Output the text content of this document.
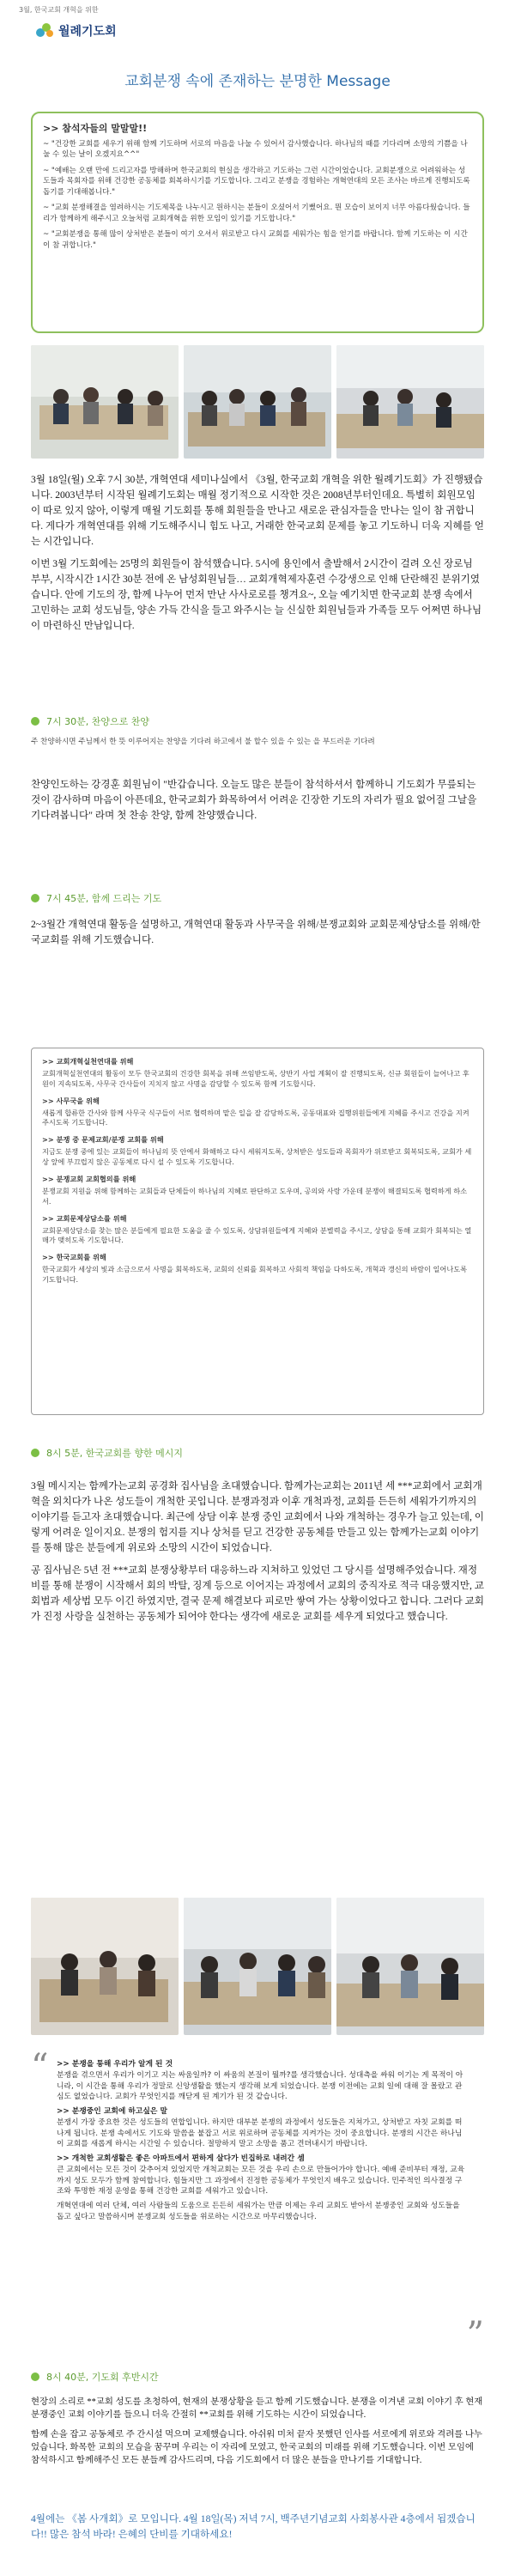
3월, 한국교회 개혁을 위한
월례기도회
교회분쟁 속에 존재하는 분명한 Message
>> 참석자들의 말말말!!

~ "건강한 교회를 세우기 위해 함께 기도하며 서로의 마음을 나눌 수 있어서 감사했습니다. 하나님의 때를 기다리며 소망의 기쁨을 나눌 수 있는 날이 오겠지요^^"

~ "예배는 오랜 만에 드리고자를 방해하며 한국교회의 현실을 생각하고 기도하는 그런 시간이었습니다. 교회분쟁으로 어려워하는 성도들과 목회자를 위해 건강한 공동체를 회복하시기를 기도합니다. 그리고 분쟁을 경험하는 개혁연대의 모든 조사는 바르게 진행되도록 돕기를 기대해봅니다."

~ "교회 분쟁해결을 염려하시는 기도제목을 나누시고 원하시는 분들이 오셨어서 기뻤어요. 뭔 모습이 보이지 너무 아름다웠습니다. 들리가 함께하게 해주시고 오늘처럼 교회개혁을 위한 모임이 있기를 기도합니다."

~ "교회분쟁을 통해 많이 상처받은 분들이 여기 오셔서 위로받고 다시 교회를 세워가는 힘을 얻기를 바랍니다. 함께 기도하는 이 시간이 참 귀합니다."

3월 18일(월) 오후 7시 30분, 개혁연대 세미나실에서 《3월, 한국교회 개혁을 위한 월례기도회》가 진행됐습니다. 2003년부터 시작된 월례기도회는 매월 정기적으로 시작한 것은 2008년부터인데요. 특별히 회원모임이 따로 있지 않아, 이렇게 매월 기도회를 통해 회원들을 만나고 새로운 관심자들을 만나는 일이 참 귀합니다. 게다가 개혁연대를 위해 기도해주시니 힘도 나고, 거래한 한국교회 문제를 놓고 기도하니 더욱 지혜를 얻는 시간입니다.

이번 3월 기도회에는 25명의 회원들이 참석했습니다. 5시에 용인에서 출발해서 2시간이 걸려 오신 장로님 부부, 시작시간 1시간 30분 전에 온 남성회원님들… 교회개혁제자훈련 수강생으로 인해 단란해진 분위기였습니다. 안에 기도의 장, 함께 나누어 먼저 만난 사사로로를 챙겨요~, 오늘 예기치면 한국교회 분쟁 속에서 고민하는 교회 성도님들, 양손 가득 간식을 들고 와주시는 늘 신실한 회원님들과 가족들 모두 어쩌면 하나님이 마련하신 만남입니다.

7시 30분, 찬양으로 찬양
주 찬양하시면 주님께서 한 뜻 이루어지는 찬양을 기다려 하고에서 불 할수 있을 수 있는 을 부드러운 기다려

찬양인도하는 강경훈 회원님이 "반갑습니다. 오늘도 많은 분들이 참석하셔서 함께하니 기도회가 무릎되는 것이 감사하며 마음이 아픈데요, 한국교회가 화목하여서 어려운 긴장한 기도의 자리가 필요 없어질 그날을 기다려봅니다" 라며 첫 찬송 찬양, 함께 찬양했습니다.

7시 45분, 함께 드리는 기도

2~3월간 개혁연대 활동을 설명하고, 개혁연대 활동과 사무국을 위해/분쟁교회와 교회문제상담소를 위해/한국교회를 위해 기도했습니다.

>> 교회개혁실천연대를 위해
교회개혁실천연대의 활동이 모두 한국교회의 건강한 회복을 위해 쓰임받도록, 상반기 사업 계획이 잘 진행되도록, 신규 회원들이 늘어나고 후원이 지속되도록, 사무국 간사들이 지치지 않고 사명을 감당할 수 있도록 함께 기도합시다.
>> 사무국을 위해
새롭게 합류한 간사와 함께 사무국 식구들이 서로 협력하며 맡은 일을 잘 감당하도록, 공동대표와 집행위원들에게 지혜를 주시고 건강을 지켜주시도록 기도합니다.
>> 분쟁 중 문제교회/분쟁 교회를 위해
지금도 분쟁 중에 있는 교회들이 하나님의 뜻 안에서 화해하고 다시 세워지도록, 상처받은 성도들과 목회자가 위로받고 회복되도록, 교회가 세상 앞에 부끄럽지 않은 공동체로 다시 설 수 있도록 기도합니다.
>> 분쟁교회 교회협의를 위해
분쟁교회 지원을 위해 함께하는 교회들과 단체들이 하나님의 지혜로 판단하고 도우며, 공의와 사랑 가운데 분쟁이 해결되도록 협력하게 하소서.
>> 교회문제상담소를 위해
교회문제상담소를 찾는 많은 분들에게 필요한 도움을 줄 수 있도록, 상담위원들에게 지혜와 분별력을 주시고, 상담을 통해 교회가 회복되는 열매가 맺히도록 기도합니다.
>> 한국교회를 위해
한국교회가 세상의 빛과 소금으로서 사명을 회복하도록, 교회의 신뢰를 회복하고 사회적 책임을 다하도록, 개혁과 갱신의 바람이 일어나도록 기도합니다.
8시 5분, 한국교회를 향한 메시지

3월 메시지는 함께가는교회 공경화 집사님을 초대했습니다. 함께가는교회는 2011년 세 ***교회에서 교회개혁을 외치다가 나온 성도들이 개척한 곳입니다. 분쟁과정과 이후 개척과정, 교회를 든든히 세워가기까지의 이야기를 듣고자 초대했습니다. 최근에 상담 이후 분쟁 중인 교회에서 나와 개척하는 경우가 늘고 있는데, 이렇게 어려운 일이지요. 분쟁의 험지를 지나 상처를 딛고 건강한 공동체를 만들고 있는 함께가는교회 이야기를 통해 많은 분들에게 위로와 소망의 시간이 되었습니다.

공 집사님은 5년 전 ***교회 분쟁상황부터 대응하느라 지쳐하고 있었던 그 당시를 설명해주었습니다. 재정비를 통해 분쟁이 시작해서 회의 박탈, 징계 등으로 이어지는 과정에서 교회의 중직자로 적극 대응했지만, 교회법과 세상법 모두 이긴 하였지만, 결국 문제 해결보다 피로만 쌓여 가는 상황이었다고 합니다. 그러다 교회가 진정 사랑을 실천하는 공동체가 되어야 한다는 생각에 새로운 교회를 세우게 되었다고 했습니다.

“ >> 분쟁을 통해 우리가 알게 된 것

분쟁을 겪으면서 우리가 이기고 지는 싸움일까? 이 싸움의 본질이 뭘까?를 생각했습니다. 성대측을 싸워 이기는 게 목적이 아니라, 이 시간을 통해 우리가 정말로 신앙생활을 했는지 생각해 보게 되었습니다. 분쟁 이전에는 교회 일에 대해 잘 몰랐고 관심도 없었습니다. 교회가 무엇인지를 깨닫게 된 계기가 된 것 같습니다.

>> 분쟁중인 교회에 하고싶은 말

분쟁시 가장 중요한 것은 성도들의 연합입니다. 하지만 대부분 분쟁의 과정에서 성도들은 지쳐가고, 상처받고 자칫 교회를 떠나게 됩니다. 분쟁 속에서도 기도와 말씀을 붙잡고 서로 위로하며 공동체를 지켜가는 것이 중요합니다. 분쟁의 시간은 하나님이 교회를 새롭게 하시는 시간일 수 있습니다. 절망하지 말고 소망을 품고 견뎌내시기 바랍니다.

>> 개척한 교회생활은 좋은 아파트에서 편하게 살다가 빈집하로 내려간 셈

큰 교회에서는 모든 것이 갖추어져 있었지만 개척교회는 모든 것을 우리 손으로 만들어가야 합니다. 예배 준비부터 재정, 교육까지 성도 모두가 함께 참여합니다. 힘들지만 그 과정에서 진정한 공동체가 무엇인지 배우고 있습니다. 민주적인 의사결정 구조와 투명한 재정 운영을 통해 건강한 교회를 세워가고 있습니다.

개혁연대에 여러 단체, 여러 사람들의 도움으로 든든히 세워가는 만큼 이제는 우리 교회도 받아서 분쟁중인 교회와 성도들을 돕고 싶다고 말씀하시며 분쟁교회 성도들을 위로하는 시간으로 마무리했습니다.

”
8시 40분, 기도회 후반시간

현장의 소리로 **교회 성도를 초청하여, 현재의 분쟁상황을 듣고 함께 기도했습니다. 분쟁을 이겨낸 교회 이야기 후 현재 분쟁중인 교회 이야기를 들으니 더욱 간절히 **교회를 위해 기도하는 시간이 되었습니다.

함께 손을 잡고 공동체로 주 간시설 먹으며 교제했습니다. 아쉬워 미처 끝자 못했던 인사를 서로에게 위로와 격려를 나누었습니다. 화목한 교회의 모습을 꿈꾸며 우리는 이 자리에 모였고, 한국교회의 미래를 위해 기도했습니다. 이번 모임에 참석하시고 함께해주신 모든 분들께 감사드리며, 다음 기도회에서 더 많은 분들을 만나기를 기대합니다.

4월에는 《봄 사개회》로 모입니다. 4월 18일(목) 저녁 7시, 백주년기념교회 사회봉사관 4층에서 됩겠습니다!! 많은 참석 바라! 은혜의 단비를 기대하세요!
